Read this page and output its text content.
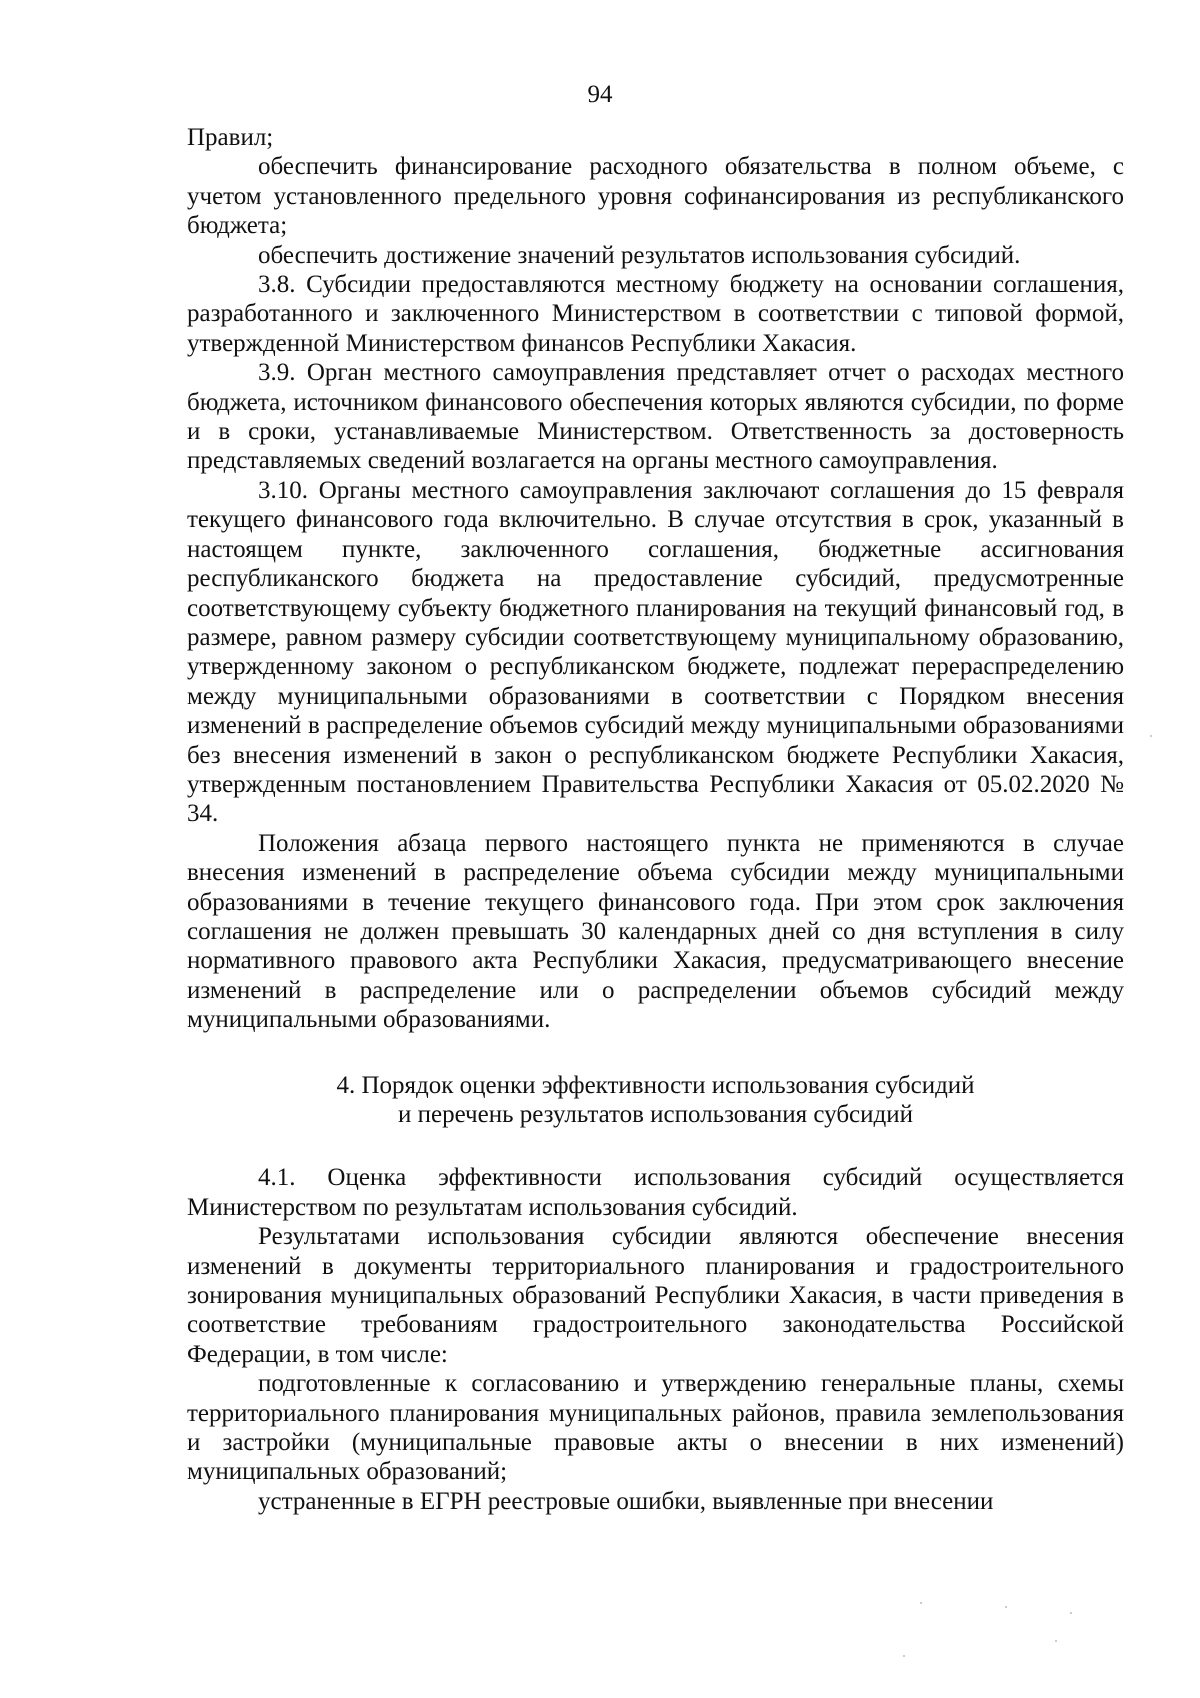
94

Правил;

обеспечить финансирование расходного обязательства в полном объеме, с учетом установленного предельного уровня софинансирования из республиканского бюджета;

обеспечить достижение значений результатов использования субсидий.

3.8. Субсидии предоставляются местному бюджету на основании соглашения, разработанного и заключенного Министерством в соответствии с типовой формой, утвержденной Министерством финансов Республики Хакасия.

3.9. Орган местного самоуправления представляет отчет о расходах местного бюджета, источником финансового обеспечения которых являются субсидии, по форме и в сроки, устанавливаемые Министерством. Ответственность за достоверность представляемых сведений возлагается на органы местного самоуправления.

3.10. Органы местного самоуправления заключают соглашения до 15 февраля текущего финансового года включительно. В случае отсутствия в срок, указанный в настоящем пункте, заключенного соглашения, бюджетные ассигнования республиканского бюджета на предоставление субсидий, предусмотренные соответствующему субъекту бюджетного планирования на текущий финансовый год, в размере, равном размеру субсидии соответствующему муниципальному образованию, утвержденному законом о республиканском бюджете, подлежат перераспределению между муниципальными образованиями в соответствии с Порядком внесения изменений в распределение объемов субсидий между муниципальными образованиями без внесения изменений в закон о республиканском бюджете Республики Хакасия, утвержденным постановлением Правительства Республики Хакасия от 05.02.2020 № 34.

Положения абзаца первого настоящего пункта не применяются в случае внесения изменений в распределение объема субсидии между муниципальными образованиями в течение текущего финансового года. При этом срок заключения соглашения не должен превышать 30 календарных дней со дня вступления в силу нормативного правового акта Республики Хакасия, предусматривающего внесение изменений в распределение или о распределении объемов субсидий между муниципальными образованиями.

4. Порядок оценки эффективности использования субсидий
и перечень результатов использования субсидий

4.1. Оценка эффективности использования субсидий осуществляется Министерством по результатам использования субсидий.

Результатами использования субсидии являются обеспечение внесения изменений в документы территориального планирования и градостроительного зонирования муниципальных образований Республики Хакасия, в части приведения в соответствие требованиям градостроительного законодательства Российской Федерации, в том числе:

подготовленные к согласованию и утверждению генеральные планы, схемы территориального планирования муниципальных районов, правила землепользования и застройки (муниципальные правовые акты о внесении в них изменений) муниципальных образований;

устраненные в ЕГРН реестровые ошибки, выявленные при внесении
